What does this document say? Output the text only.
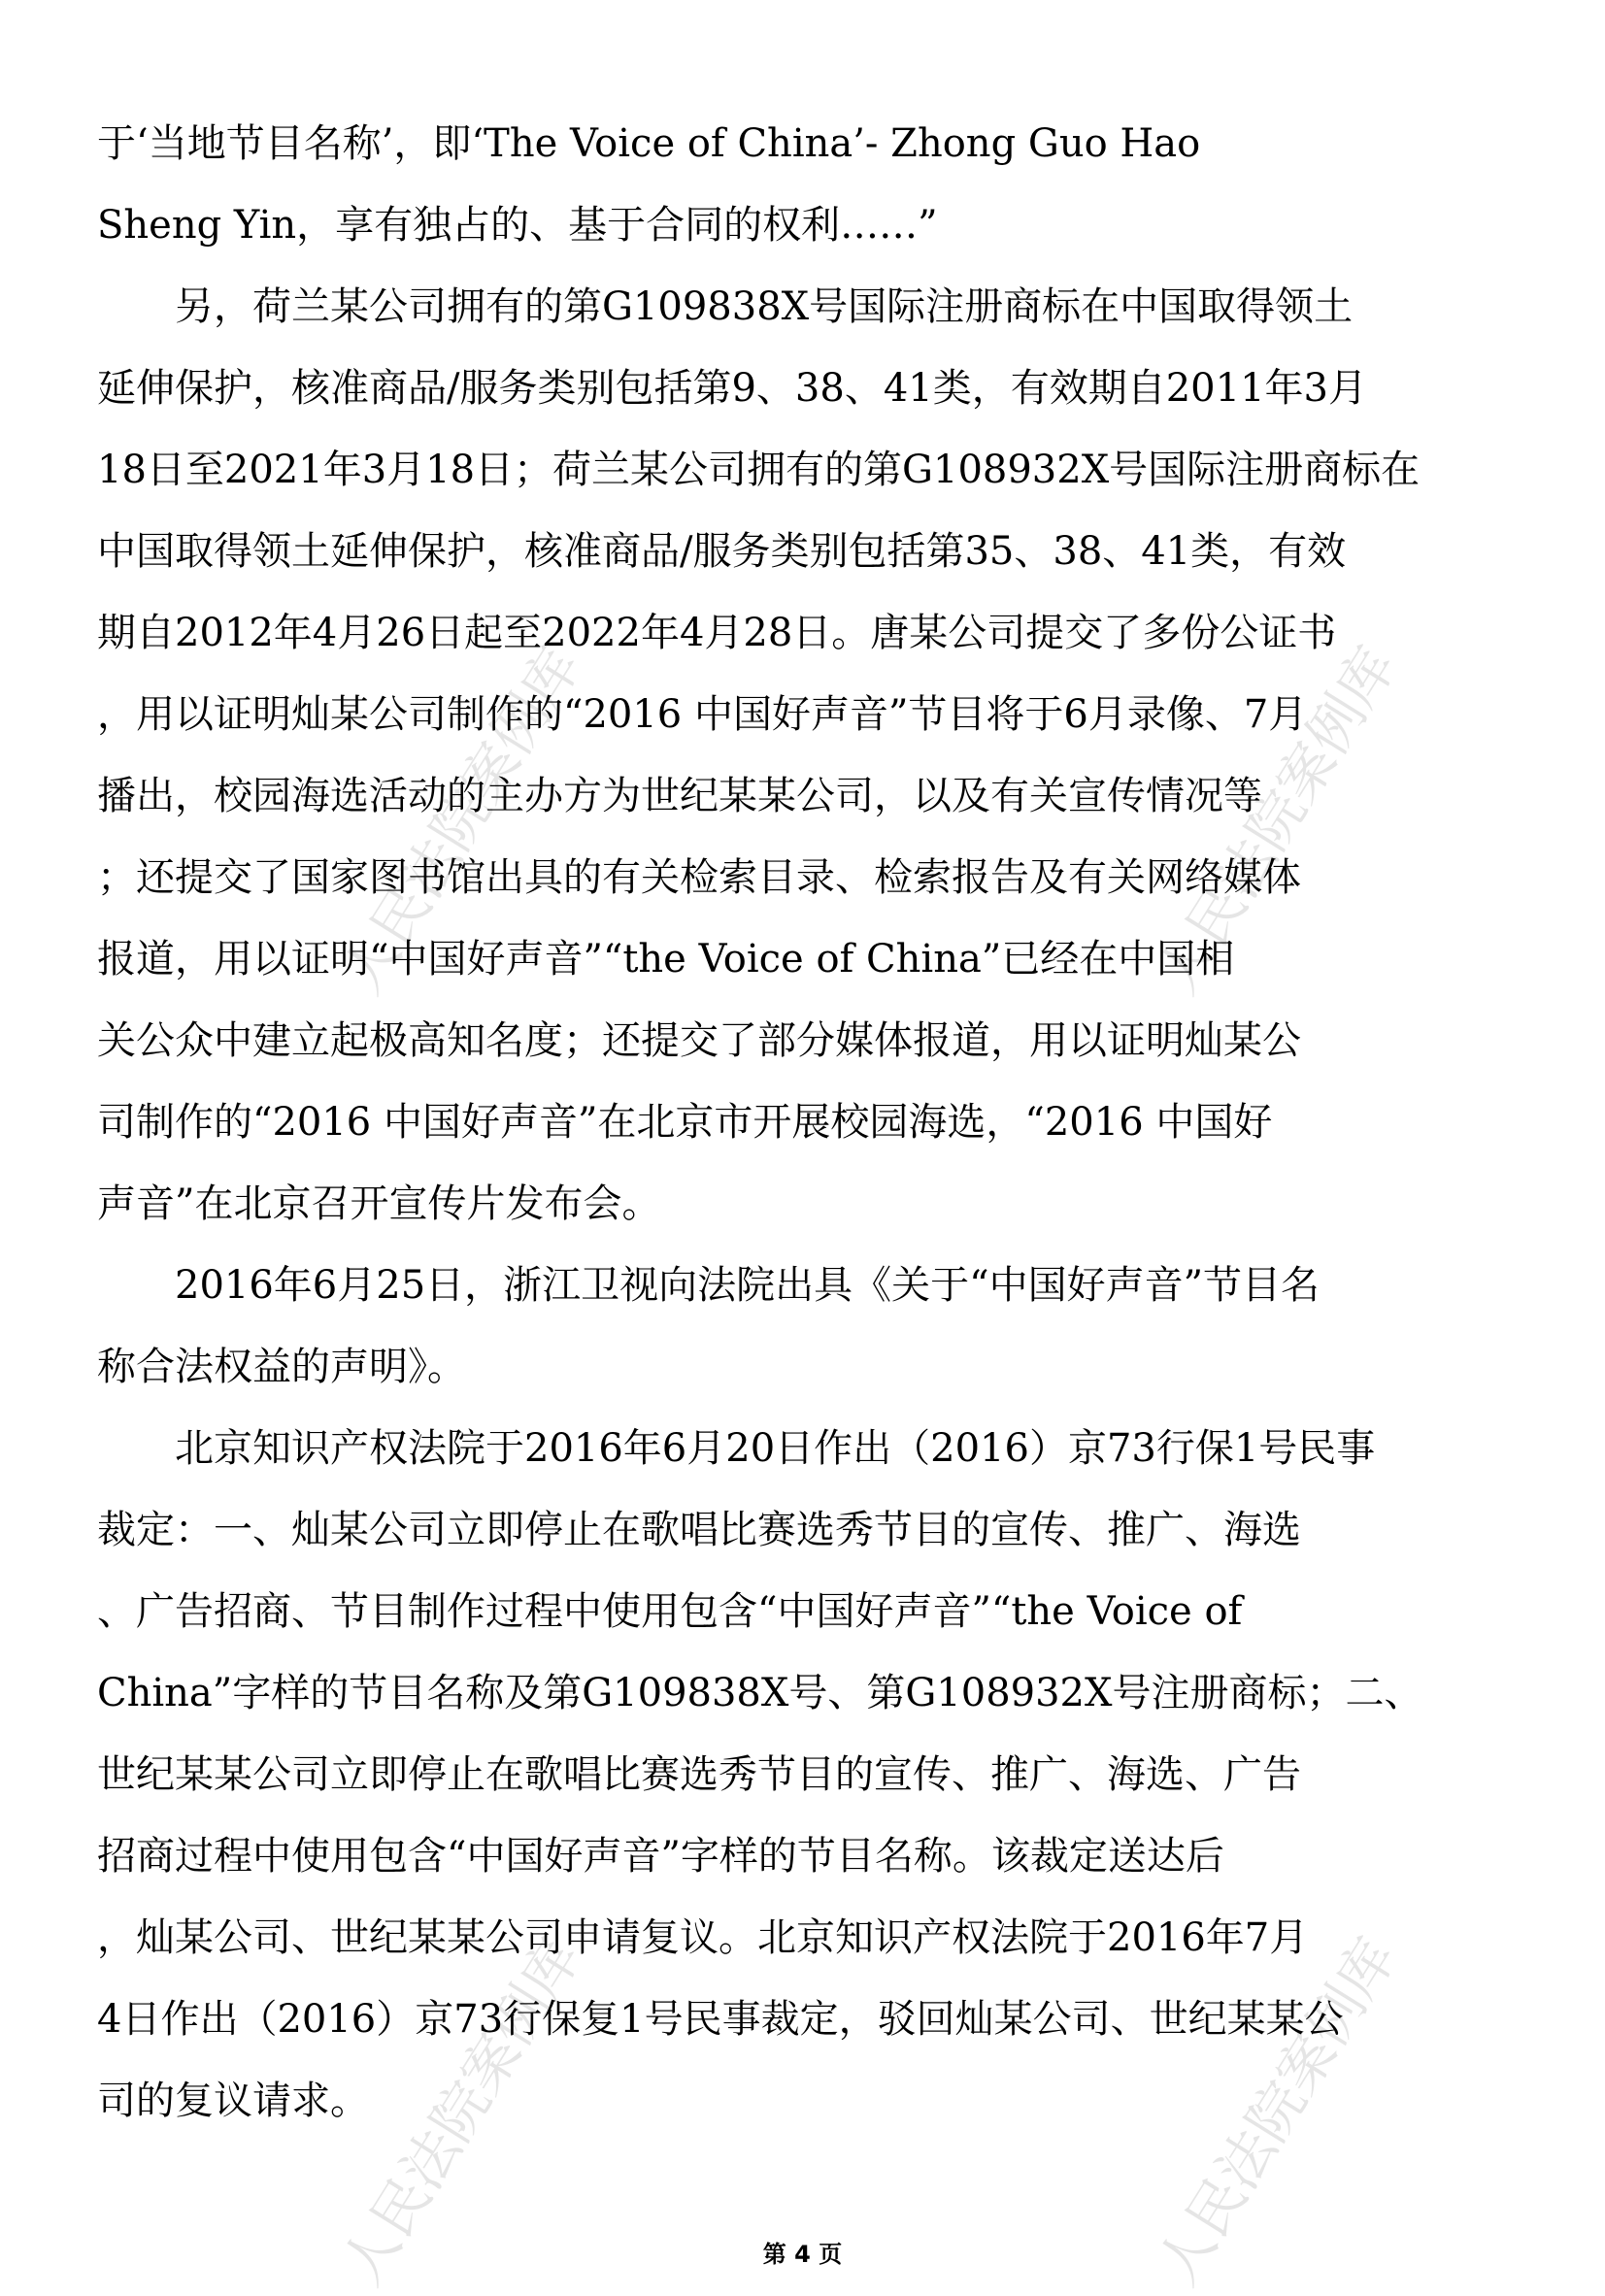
人民法院案例库	人民法院案例库
人民法院案例库	人民法院案例库
于‘当地节目名称’，即‘The Voice of China’- Zhong Guo Hao
Sheng Yin，享有独占的、基于合同的权利……”
　　另，荷兰某公司拥有的第G109838X号国际注册商标在中国取得领土
延伸保护，核准商品/服务类别包括第9、38、41类，有效期自2011年3月
18日至2021年3月18日；荷兰某公司拥有的第G108932X号国际注册商标在
中国取得领土延伸保护，核准商品/服务类别包括第35、38、41类，有效
期自2012年4月26日起至2022年4月28日。唐某公司提交了多份公证书
，用以证明灿某公司制作的“2016 中国好声音”节目将于6月录像、7月
播出，校园海选活动的主办方为世纪某某公司，以及有关宣传情况等
；还提交了国家图书馆出具的有关检索目录、检索报告及有关网络媒体
报道，用以证明“中国好声音”“the Voice of China”已经在中国相
关公众中建立起极高知名度；还提交了部分媒体报道，用以证明灿某公
司制作的“2016 中国好声音”在北京市开展校园海选，“2016 中国好
声音”在北京召开宣传片发布会。
　　2016年6月25日，浙江卫视向法院出具《关于“中国好声音”节目名
称合法权益的声明》。
　　北京知识产权法院于2016年6月20日作出（2016）京73行保1号民事
裁定：一、灿某公司立即停止在歌唱比赛选秀节目的宣传、推广、海选
、广告招商、节目制作过程中使用包含“中国好声音”“the Voice of
China”字样的节目名称及第G109838X号、第G108932X号注册商标；二、
世纪某某公司立即停止在歌唱比赛选秀节目的宣传、推广、海选、广告
招商过程中使用包含“中国好声音”字样的节目名称。该裁定送达后
，灿某公司、世纪某某公司申请复议。北京知识产权法院于2016年7月
4日作出（2016）京73行保复1号民事裁定，驳回灿某公司、世纪某某公
司的复议请求。
第 4 页
